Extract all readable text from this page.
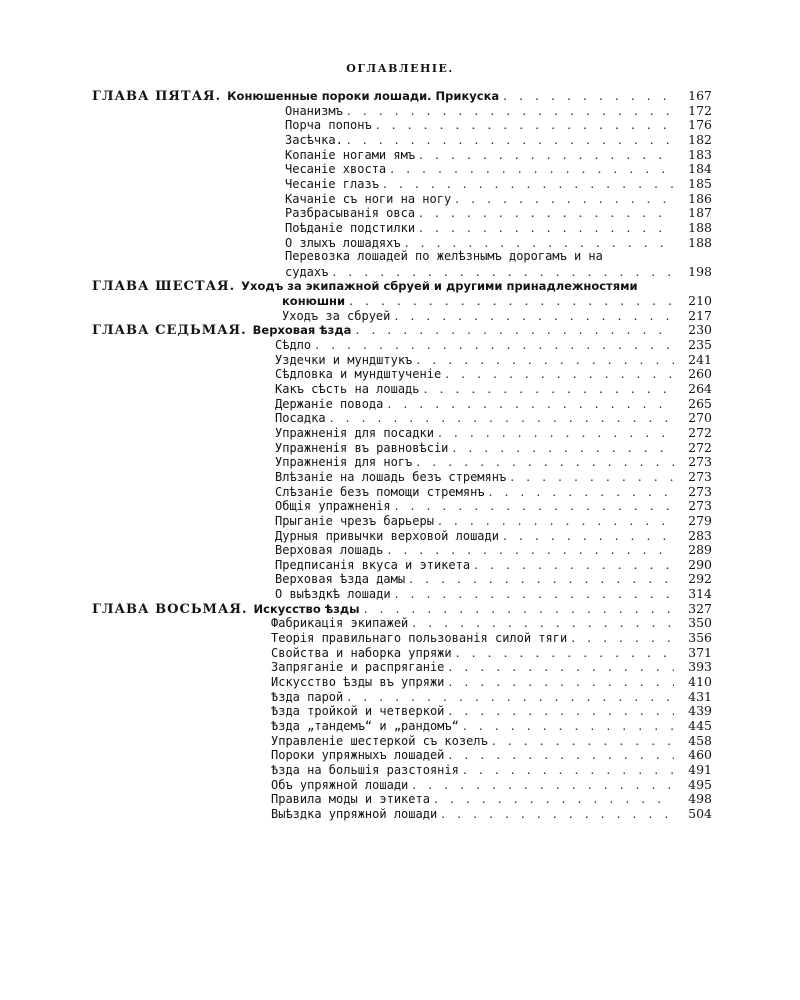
ОГЛАВЛЕНІЕ.
ГЛАВА ПЯТАЯ. Конюшенные пороки лошади. Прикуска . . .	167
Онанизмъ . . .	172
Порча попонъ . . .	176
Засѣчка. . . .	182
Копаніе ногами ямъ . . .	183
Чесаніе хвоста . . .	184
Чесаніе глазъ . . .	185
Качаніе съ ноги на ногу . . .	186
Разбрасыванія овса . . .	187
Поѣданіе подстилки . . .	188
О злыхъ лошадяхъ . . .	188
Перевозка лошадей по желѣзнымъ дорогамъ и на
судахъ . . .	198
ГЛАВА ШЕСТАЯ. Уходъ за экипажной сбруей и другими принадлежностями
конюшни . . .	210
Уходъ за сбруей . . .	217
ГЛАВА СЕДЬМАЯ. Верховая ѣзда . . .	230
Сѣдло . . .	235
Уздечки и мундштукъ . . .	241
Сѣдловка и мундштученіе . . .	260
Какъ сѣсть на лошадь . . .	264
Держаніе повода . . .	265
Посадка . . .	270
Упражненія для посадки . . .	272
Упражненія въ равновѣсіи . . .	272
Упражненія для ногъ . . .	273
Влѣзаніе на лошадь безъ стремянъ . . .	273
Слѣзаніе безъ помощи стремянъ . . .	273
Общія упражненія . . .	273
Прыганіе чрезъ барьеры . . .	279
Дурныя привычки верховой лошади . . .	283
Верховая лошадь . . .	289
Предписанія вкуса и этикета . . .	290
Верховая ѣзда дамы . . .	292
О выѣздкѣ лошади . . .	314
ГЛАВА ВОСЬМАЯ. Искусство ѣзды . . .	327
Фабрикація экипажей . . .	350
Теорія правильнаго пользованія силой тяги . . .	356
Свойства и наборка упряжи . . .	371
Запряганіе и распряганіе . . .	393
Искусство ѣзды въ упряжи . . .	410
Ѣзда парой . . .	431
Ѣзда тройкой и четверкой . . .	439
Ѣзда „тандемъ“ и „рандомъ“ . . .	445
Управленіе шестеркой съ козелъ . . .	458
Пороки упряжныхъ лошадей . . .	460
Ѣзда на большія разстоянія . . .	491
Объ упряжной лошади . . .	495
Правила моды и этикета . . .	498
Выѣздка упряжной лошади . . .	504
